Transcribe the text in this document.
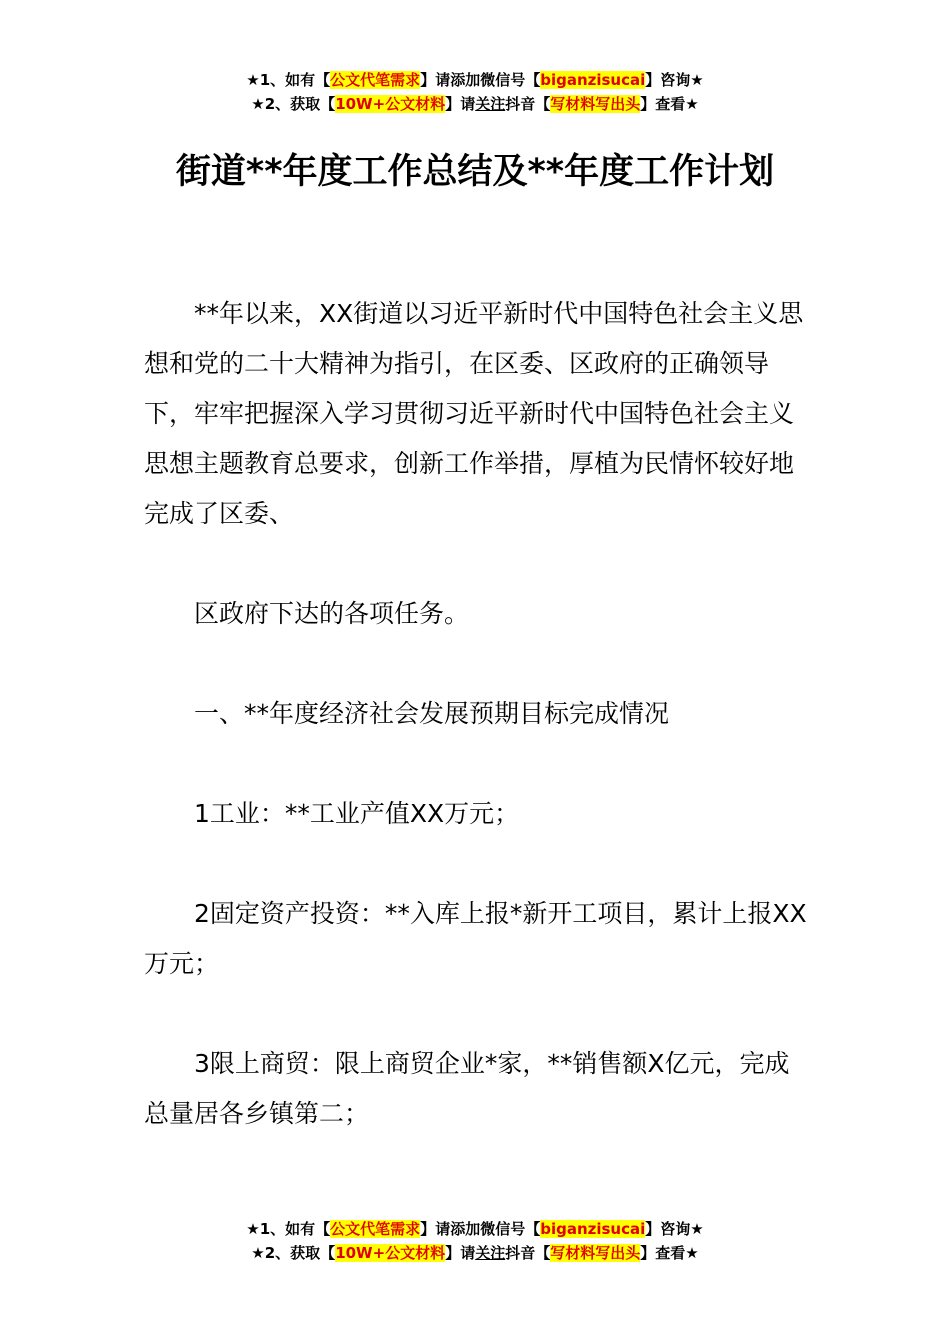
★1、如有【公文代笔需求】请添加微信号【biganzisucai】咨询★
★2、获取【10W+公文材料】请关注抖音【写材料写出头】查看★
街道**年度工作总结及**年度工作计划

**年以来，XX街道以习近平新时代中国特色社会主义思想和党的二十大精神为指引，在区委、区政府的正确领导下，牢牢把握深入学习贯彻习近平新时代中国特色社会主义思想主题教育总要求，创新工作举措，厚植为民情怀较好地完成了区委、

区政府下达的各项任务。

一、**年度经济社会发展预期目标完成情况

1工业：**工业产值XX万元；

2固定资产投资：**入库上报*新开工项目，累计上报XX万元；

3限上商贸：限上商贸企业*家，**销售额X亿元，完成总量居各乡镇第二；

★1、如有【公文代笔需求】请添加微信号【biganzisucai】咨询★
★2、获取【10W+公文材料】请关注抖音【写材料写出头】查看★
